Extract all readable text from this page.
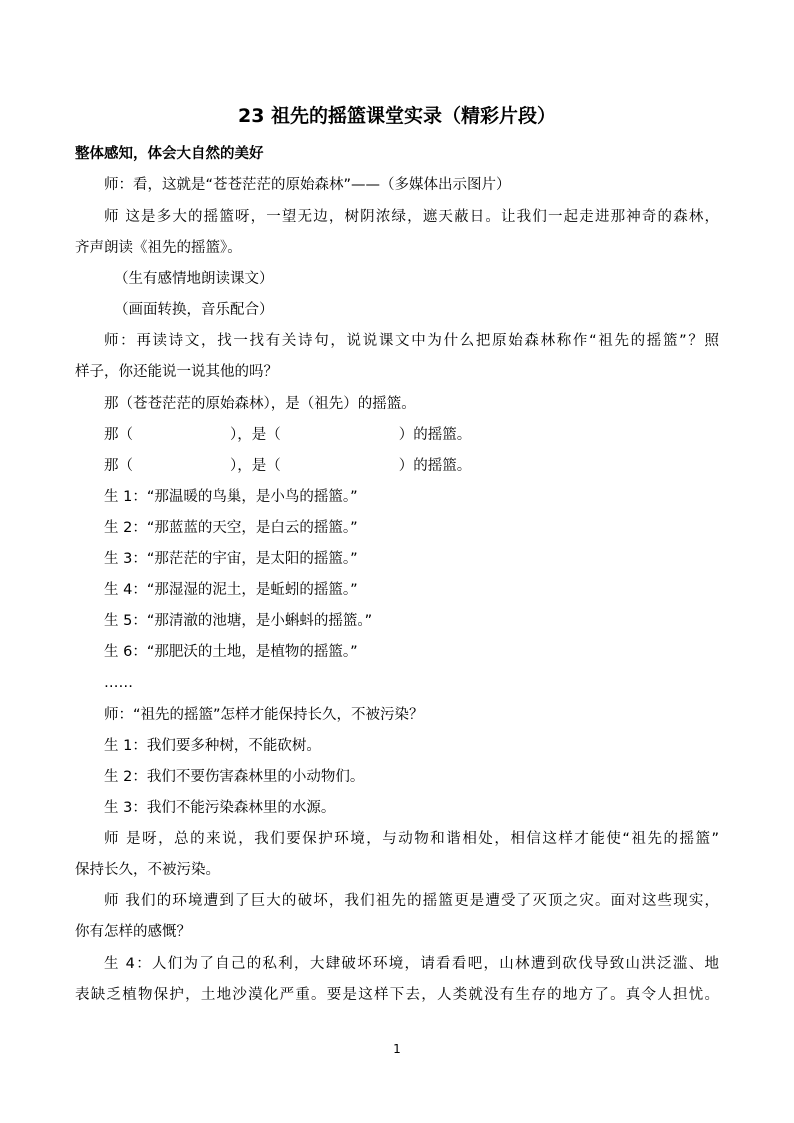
23 祖先的摇篮课堂实录（精彩片段）
整体感知，体会大自然的美好
师：看，这就是“苍苍茫茫的原始森林”——（多媒体出示图片）
师 这是多大的摇篮呀，一望无边，树阴浓绿，遮天蔽日。让我们一起走进那神奇的森林，
齐声朗读《祖先的摇篮》。
（生有感情地朗读课文）
（画面转换，音乐配合）
师：再读诗文，找一找有关诗句，说说课文中为什么把原始森林称作“祖先的摇篮”？照
样子，你还能说一说其他的吗？
那（苍苍茫茫的原始森林），是（祖先）的摇篮。
那（	），是（	）的摇篮。
那（	），是（	）的摇篮。
生 1：“那温暖的鸟巢，是小鸟的摇篮。”
生 2：“那蓝蓝的天空，是白云的摇篮。”
生 3：“那茫茫的宇宙，是太阳的摇篮。”
生 4：“那湿湿的泥土，是蚯蚓的摇篮。”
生 5：“那清澈的池塘，是小蝌蚪的摇篮。”
生 6：“那肥沃的土地，是植物的摇篮。”
……
师：“祖先的摇篮”怎样才能保持长久，不被污染？
生 1：我们要多种树，不能砍树。
生 2：我们不要伤害森林里的小动物们。
生 3：我们不能污染森林里的水源。
师 是呀，总的来说，我们要保护环境，与动物和谐相处，相信这样才能使“祖先的摇篮”
保持长久，不被污染。
师 我们的环境遭到了巨大的破坏，我们祖先的摇篮更是遭受了灭顶之灾。面对这些现实，
你有怎样的感慨？
生 4：人们为了自己的私利，大肆破坏环境，请看看吧，山林遭到砍伐导致山洪泛滥、地
表缺乏植物保护，土地沙漠化严重。要是这样下去，人类就没有生存的地方了。真令人担忧。
1
